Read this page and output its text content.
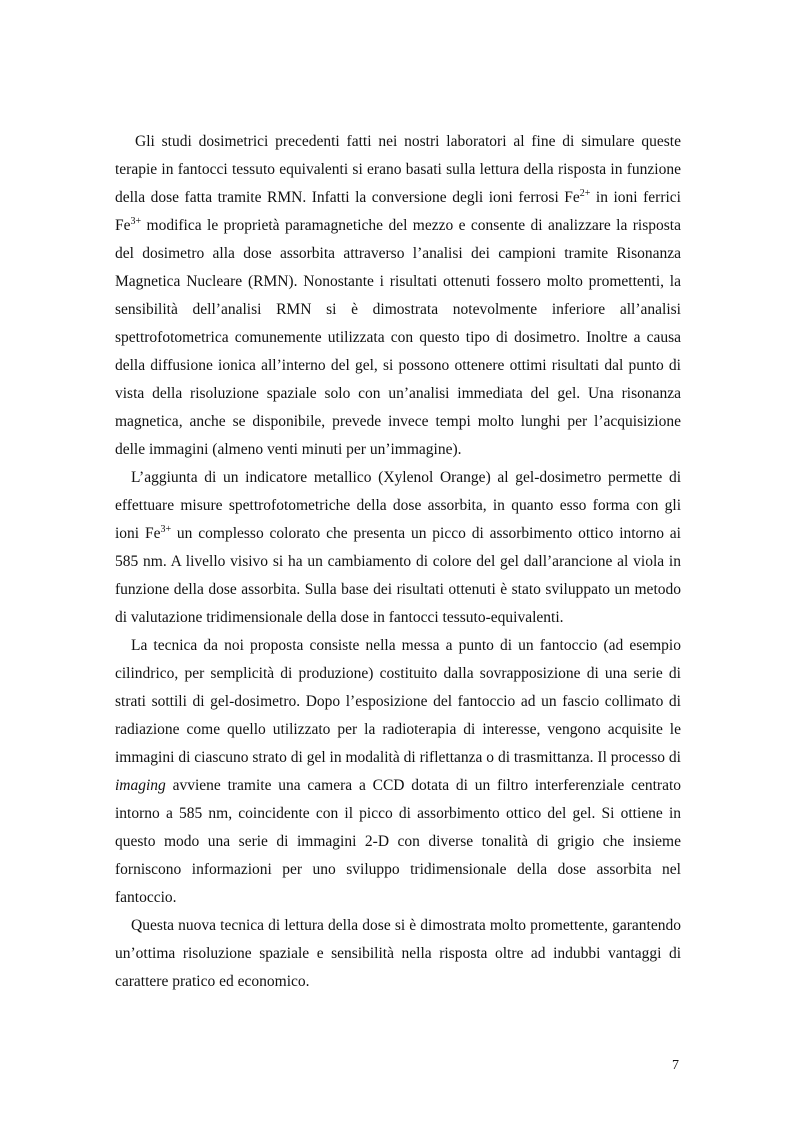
Gli studi dosimetrici precedenti fatti nei nostri laboratori al fine di simulare queste terapie in fantocci tessuto equivalenti si erano basati sulla lettura della risposta in funzione della dose fatta tramite RMN. Infatti la conversione degli ioni ferrosi $Fe^{2+}$ in ioni ferrici $Fe^{3+}$ modifica le proprietà paramagnetiche del mezzo e consente di analizzare la risposta del dosimetro alla dose assorbita attraverso l’analisi dei campioni tramite Risonanza Magnetica Nucleare (RMN). Nonostante i risultati ottenuti fossero molto promettenti, la sensibilità dell’analisi RMN si è dimostrata notevolmente inferiore all’analisi spettrofotometrica comunemente utilizzata con questo tipo di dosimetro. Inoltre a causa della diffusione ionica all’interno del gel, si possono ottenere ottimi risultati dal punto di vista della risoluzione spaziale solo con un’analisi immediata del gel. Una risonanza magnetica, anche se disponibile, prevede invece tempi molto lunghi per l’acquisizione delle immagini (almeno venti minuti per un’immagine).

L’aggiunta di un indicatore metallico (Xylenol Orange) al gel-dosimetro permette di effettuare misure spettrofotometriche della dose assorbita, in quanto esso forma con gli ioni $Fe^{3+}$ un complesso colorato che presenta un picco di assorbimento ottico intorno ai 585 nm. A livello visivo si ha un cambiamento di colore del gel dall’arancione al viola in funzione della dose assorbita. Sulla base dei risultati ottenuti è stato sviluppato un metodo di valutazione tridimensionale della dose in fantocci tessuto-equivalenti.

La tecnica da noi proposta consiste nella messa a punto di un fantoccio (ad esempio cilindrico, per semplicità di produzione) costituito dalla sovrapposizione di una serie di strati sottili di gel-dosimetro. Dopo l’esposizione del fantoccio ad un fascio collimato di radiazione come quello utilizzato per la radioterapia di interesse, vengono acquisite le immagini di ciascuno strato di gel in modalità di riflettanza o di trasmittanza. Il processo di imaging avviene tramite una camera a CCD dotata di un filtro interferenziale centrato intorno a 585 nm, coincidente con il picco di assorbimento ottico del gel. Si ottiene in questo modo una serie di immagini 2-D con diverse tonalità di grigio che insieme forniscono informazioni per uno sviluppo tridimensionale della dose assorbita nel fantoccio.

Questa nuova tecnica di lettura della dose si è dimostrata molto promettente, garantendo un’ottima risoluzione spaziale e sensibilità nella risposta oltre ad indubbi vantaggi di carattere pratico ed economico.

7
